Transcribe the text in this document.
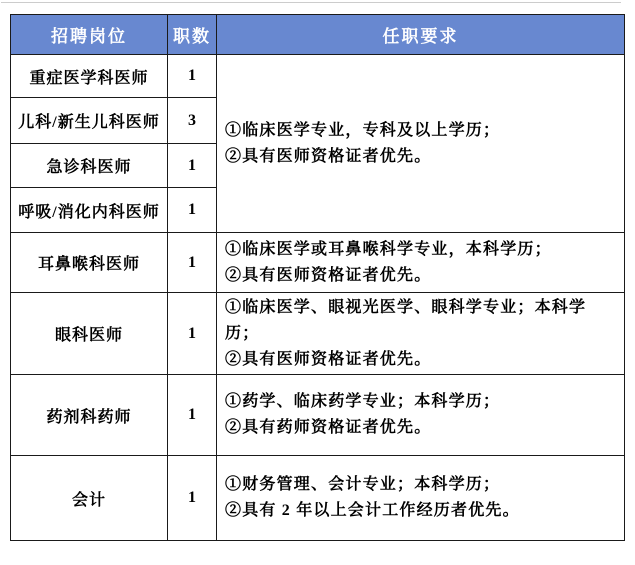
招聘岗位	职数	任职要求
重症医学科医师	1	①临床医学专业，专科及以上学历；
②具有医师资格证者优先。

儿科/新生儿科医师	3	
急诊科医师	1	
呼吸/消化内科医师	1	
耳鼻喉科医师	1	①临床医学或耳鼻喉科学专业，本科学历；
②具有医师资格证者优先。

眼科医师	1	①临床医学、眼视光医学、眼科学专业；本科学历；
②具有医师资格证者优先。

药剂科药师	1	①药学、临床药学专业；本科学历；
②具有药师资格证者优先。

会计	1	①财务管理、会计专业；本科学历；
②具有 2 年以上会计工作经历者优先。
